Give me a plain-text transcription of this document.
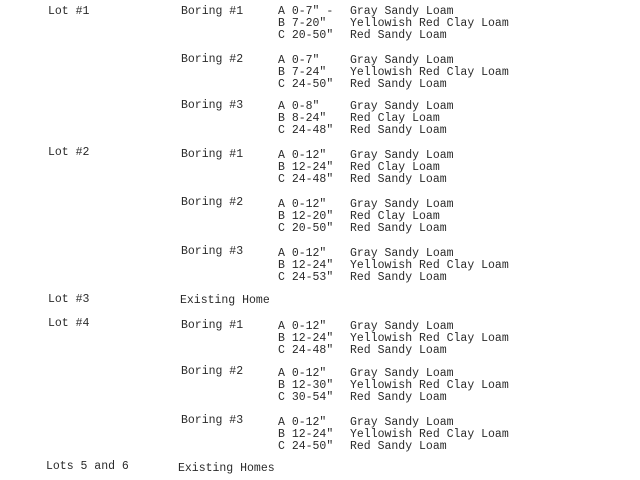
Lot #1	Boring #1	A 0-7" - Gray Sandy Loam
B 7-20" Yellowish Red Clay Loam
C 20-50" Red Sandy Loam
Boring #2	A 0-7"	Gray Sandy Loam
B 7-24" Yellowish Red Clay Loam
C 24-50" Red Sandy Loam
Boring #3	A 0-8"	Gray Sandy Loam
B 8-24" Red Clay Loam
C 24-48" Red Sandy Loam
Lot #2	Boring #1	A 0-12" Gray Sandy Loam
B 12-24" Red Clay Loam
C 24-48" Red Sandy Loam
Boring #2	A 0-12" Gray Sandy Loam
B 12-20" Red Clay Loam
C 20-50" Red Sandy Loam
Boring #3	A 0-12" Gray Sandy Loam
B 12-24" Yellowish Red Clay Loam
C 24-53" Red Sandy Loam
Lot #3	Existing Home
Lot #4	Boring #1	A 0-12" Gray Sandy Loam
B 12-24" Yellowish Red Clay Loam
C 24-48" Red Sandy Loam
Boring #2	A 0-12" Gray Sandy Loam
B 12-30" Yellowish Red Clay Loam
C 30-54" Red Sandy Loam
Boring #3	A 0-12" Gray Sandy Loam
B 12-24" Yellowish Red Clay Loam
C 24-50" Red Sandy Loam
Lots 5 and 6	Existing Homes
